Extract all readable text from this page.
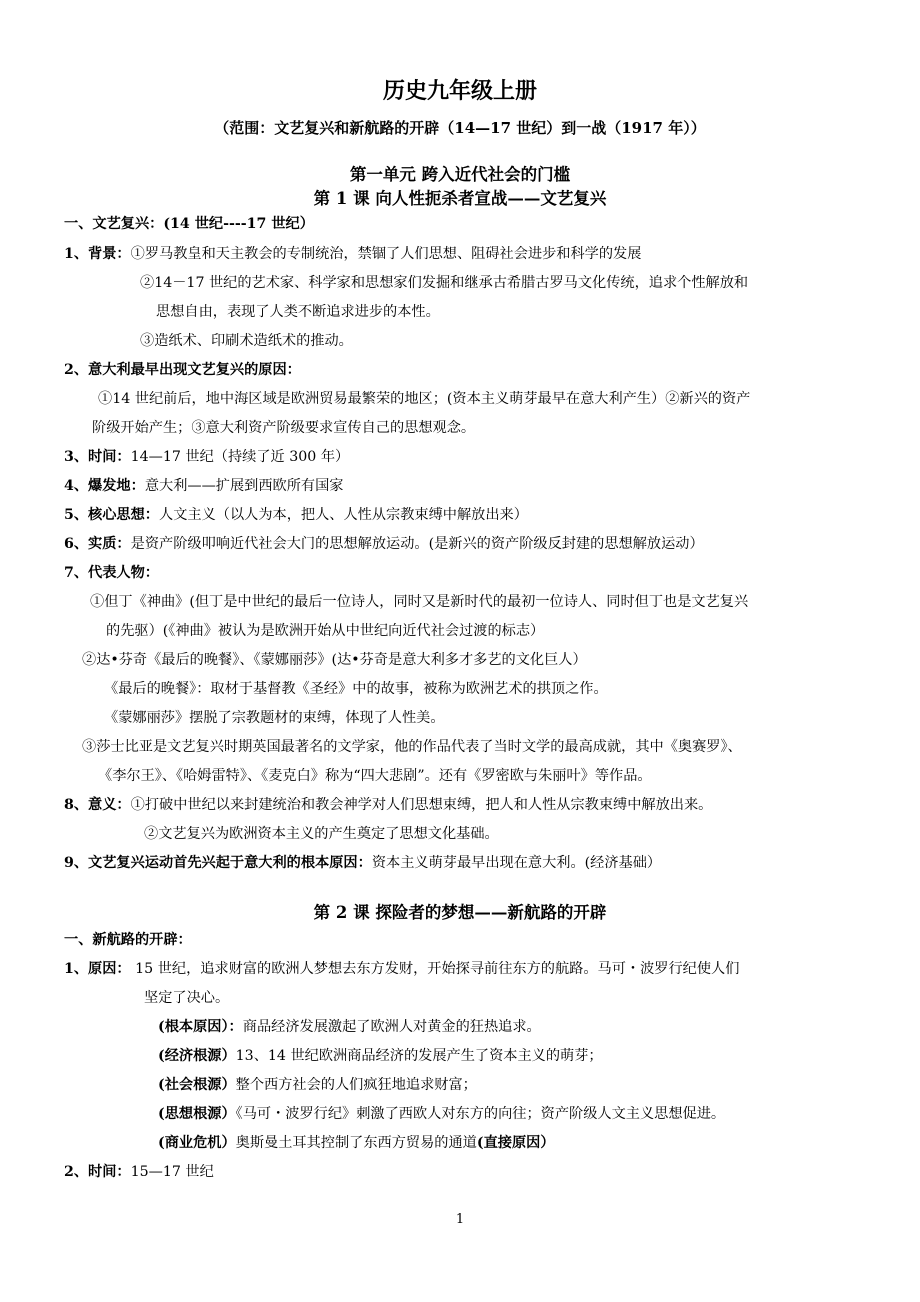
历史九年级上册
（范围：文艺复兴和新航路的开辟（14—17 世纪）到一战（1917 年））
第一单元 跨入近代社会的门槛
第 1 课 向人性扼杀者宣战——文艺复兴
一、文艺复兴：(14 世纪----17 世纪）
1、背景：①罗马教皇和天主教会的专制统治，禁锢了人们思想、阻碍社会进步和科学的发展
②14－17 世纪的艺术家、科学家和思想家们发掘和继承古希腊古罗马文化传统，追求个性解放和
思想自由，表现了人类不断追求进步的本性。
③造纸术、印刷术造纸术的推动。
2、意大利最早出现文艺复兴的原因：
①14 世纪前后，地中海区域是欧洲贸易最繁荣的地区；(资本主义萌芽最早在意大利产生）②新兴的资产
阶级开始产生；③意大利资产阶级要求宣传自己的思想观念。
3、时间：14—17 世纪（持续了近 300 年）
4、爆发地：意大利——扩展到西欧所有国家
5、核心思想：人文主义（以人为本，把人、人性从宗教束缚中解放出来）
6、实质：是资产阶级叩响近代社会大门的思想解放运动。(是新兴的资产阶级反封建的思想解放运动）
7、代表人物：
①但丁《神曲》(但丁是中世纪的最后一位诗人，同时又是新时代的最初一位诗人、同时但丁也是文艺复兴
的先驱）(《神曲》被认为是欧洲开始从中世纪向近代社会过渡的标志）
②达•芬奇《最后的晚餐》、《蒙娜丽莎》(达•芬奇是意大利多才多艺的文化巨人）
《最后的晚餐》：取材于基督教《圣经》中的故事，被称为欧洲艺术的拱顶之作。
《蒙娜丽莎》摆脱了宗教题材的束缚，体现了人性美。
③莎士比亚是文艺复兴时期英国最著名的文学家，他的作品代表了当时文学的最高成就，其中《奥赛罗》、
《李尔王》、《哈姆雷特》、《麦克白》称为“四大悲剧”。还有《罗密欧与朱丽叶》等作品。
8、意义：①打破中世纪以来封建统治和教会神学对人们思想束缚，把人和人性从宗教束缚中解放出来。
②文艺复兴为欧洲资本主义的产生奠定了思想文化基础。
9、文艺复兴运动首先兴起于意大利的根本原因：资本主义萌芽最早出现在意大利。(经济基础）
第 2 课 探险者的梦想——新航路的开辟
一、新航路的开辟：
1、原因： 15 世纪，追求财富的欧洲人梦想去东方发财，开始探寻前往东方的航路。马可・波罗行纪使人们
坚定了决心。
(根本原因）：商品经济发展激起了欧洲人对黄金的狂热追求。
(经济根源）13、14 世纪欧洲商品经济的发展产生了资本主义的萌芽；
(社会根源）整个西方社会的人们疯狂地追求财富；
(思想根源）《马可・波罗行纪》刺激了西欧人对东方的向往；资产阶级人文主义思想促进。
(商业危机）奥斯曼土耳其控制了东西方贸易的通道(直接原因）
2、时间：15—17 世纪
1
